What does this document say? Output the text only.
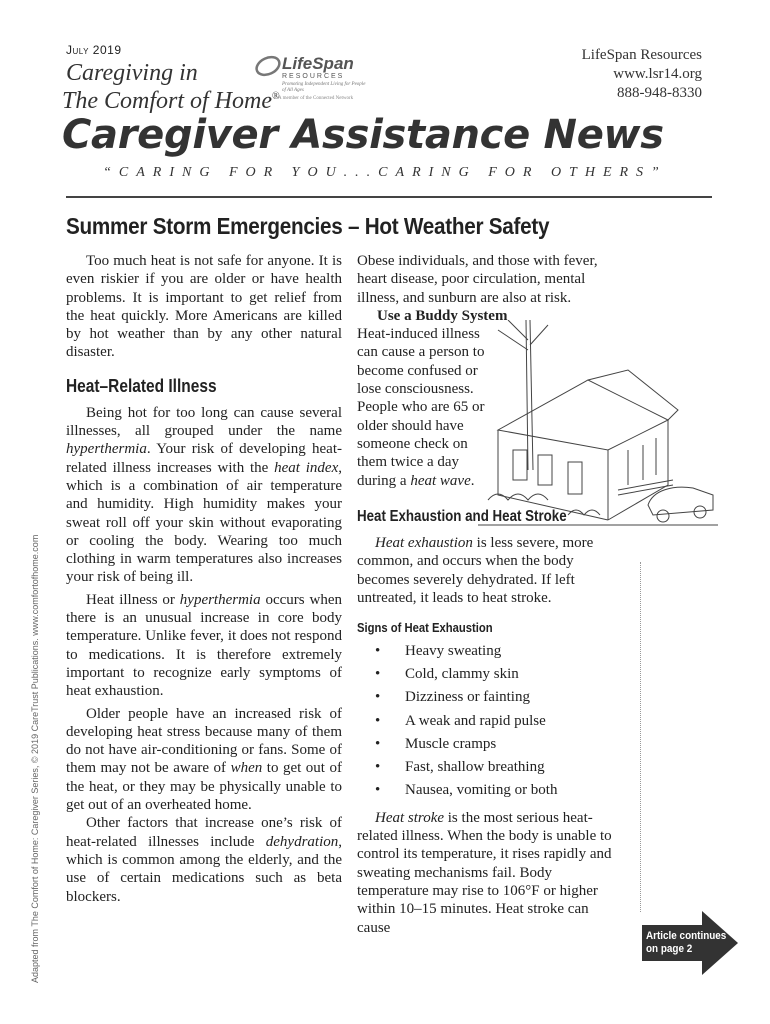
July 2019
Caregiving in
The Comfort of Home®
LifeSpan
RESOURCES
Promoting Independent Living for People of All Ages
A member of the Connected Network
LifeSpan Resources
www.lsr14.org
888-948-8330
Caregiver Assistance News
“CARING FOR YOU...CARING FOR OTHERS”
Summer Storm Emergencies – Hot Weather Safety

Too much heat is not safe for anyone. It is even riskier if you are older or have health problems. It is important to get relief from the heat quickly. More Americans are killed by hot weather than by any other natural disaster.

Heat–Related Illness

Being hot for too long can cause several illnesses, all grouped under the name hyperthermia. Your risk of developing heat-related illness increases with the heat index, which is a combination of air temperature and humidity. High humidity makes your sweat roll off your skin without evaporating or cooling the body. Wearing too much clothing in warm temperatures also increases your risk of being ill.

Heat illness or hyperthermia occurs when there is an unusual increase in core body temperature. Unlike fever, it does not respond to medications. It is therefore extremely important to recognize early symptoms of heat exhaustion.

Older people have an increased risk of developing heat stress because many of them do not have air-conditioning or fans. Some of them may not be aware of when to get out of the heat, or they may be physically unable to get out of an overheated home.

Other factors that increase one’s risk of heat-related illnesses include dehydration, which is common among the elderly, and the use of certain medications such as beta blockers.

Obese individuals, and those with fever, heart disease, poor circulation, mental illness, and sunburn are also at risk.

Use a Buddy System

Heat-induced illness can cause a person to become confused or lose consciousness. People who are 65 or older should have someone check on them twice a day during a heat wave.

Heat Exhaustion and Heat Stroke

Heat exhaustion is less severe, more common, and occurs when the body becomes severely dehydrated. If left untreated, it leads to heat stroke.

Signs of Heat Exhaustion
• Heavy sweating
• Cold, clammy skin
• Dizziness or fainting
• A weak and rapid pulse
• Muscle cramps
• Fast, shallow breathing
• Nausea, vomiting or both

Heat stroke is the most serious heat-related illness. When the body is unable to control its temperature, it rises rapidly and sweating mechanisms fail. Body temperature may rise to 106°F or higher within 10–15 minutes. Heat stroke can cause

Adapted from The Comfort of Home: Caregiver Series, © 2019 CareTrust Publications. www.comfortofhome.com	Article continues
on page 2
